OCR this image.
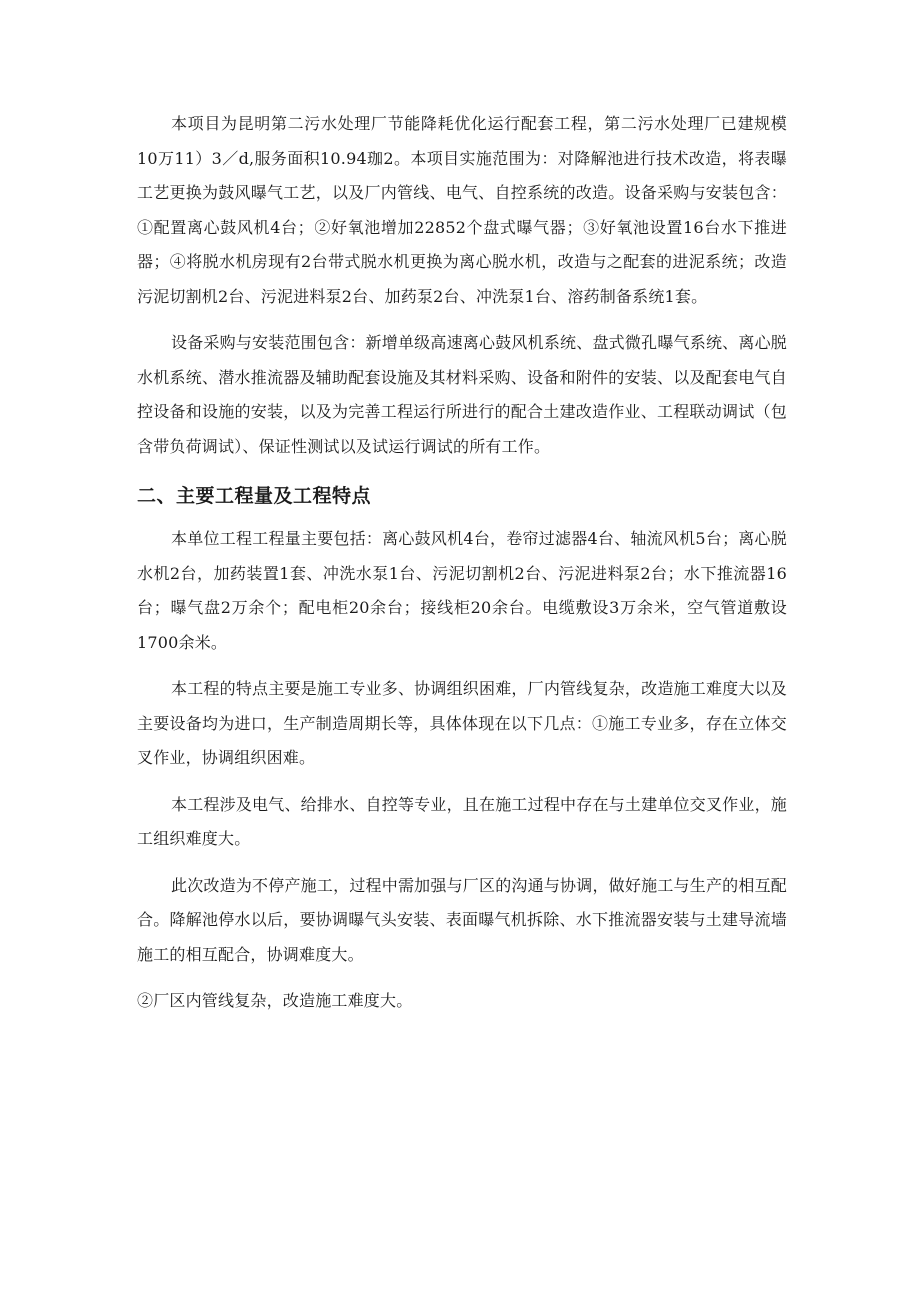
本项目为昆明第二污水处理厂节能降耗优化运行配套工程，第二污水处理厂已建规模10万11）3／d,服务面积10.94珈2。本项目实施范围为：对降解池进行技术改造，将表曝工艺更换为鼓风曝气工艺，以及厂内管线、电气、自控系统的改造。设备采购与安装包含：①配置离心鼓风机4台；②好氧池增加22852个盘式曝气器；③好氧池设置16台水下推进器；④将脱水机房现有2台带式脱水机更换为离心脱水机，改造与之配套的进泥系统；改造污泥切割机2台、污泥进料泵2台、加药泵2台、冲洗泵1台、溶药制备系统1套。

设备采购与安装范围包含：新增单级高速离心鼓风机系统、盘式微孔曝气系统、离心脱水机系统、潜水推流器及辅助配套设施及其材料采购、设备和附件的安装、以及配套电气自控设备和设施的安装，以及为完善工程运行所进行的配合土建改造作业、工程联动调试（包含带负荷调试）、保证性测试以及试运行调试的所有工作。

二、主要工程量及工程特点

本单位工程工程量主要包括：离心鼓风机4台，卷帘过滤器4台、轴流风机5台；离心脱水机2台，加药装置1套、冲洗水泵1台、污泥切割机2台、污泥进料泵2台；水下推流器16台；曝气盘2万余个；配电柜20余台；接线柜20余台。电缆敷设3万余米，空气管道敷设1700余米。

本工程的特点主要是施工专业多、协调组织困难，厂内管线复杂，改造施工难度大以及主要设备均为进口，生产制造周期长等，具体体现在以下几点：①施工专业多，存在立体交叉作业，协调组织困难。

本工程涉及电气、给排水、自控等专业，且在施工过程中存在与土建单位交叉作业，施工组织难度大。

此次改造为不停产施工，过程中需加强与厂区的沟通与协调，做好施工与生产的相互配合。降解池停水以后，要协调曝气头安装、表面曝气机拆除、水下推流器安装与土建导流墙施工的相互配合，协调难度大。

②厂区内管线复杂，改造施工难度大。
